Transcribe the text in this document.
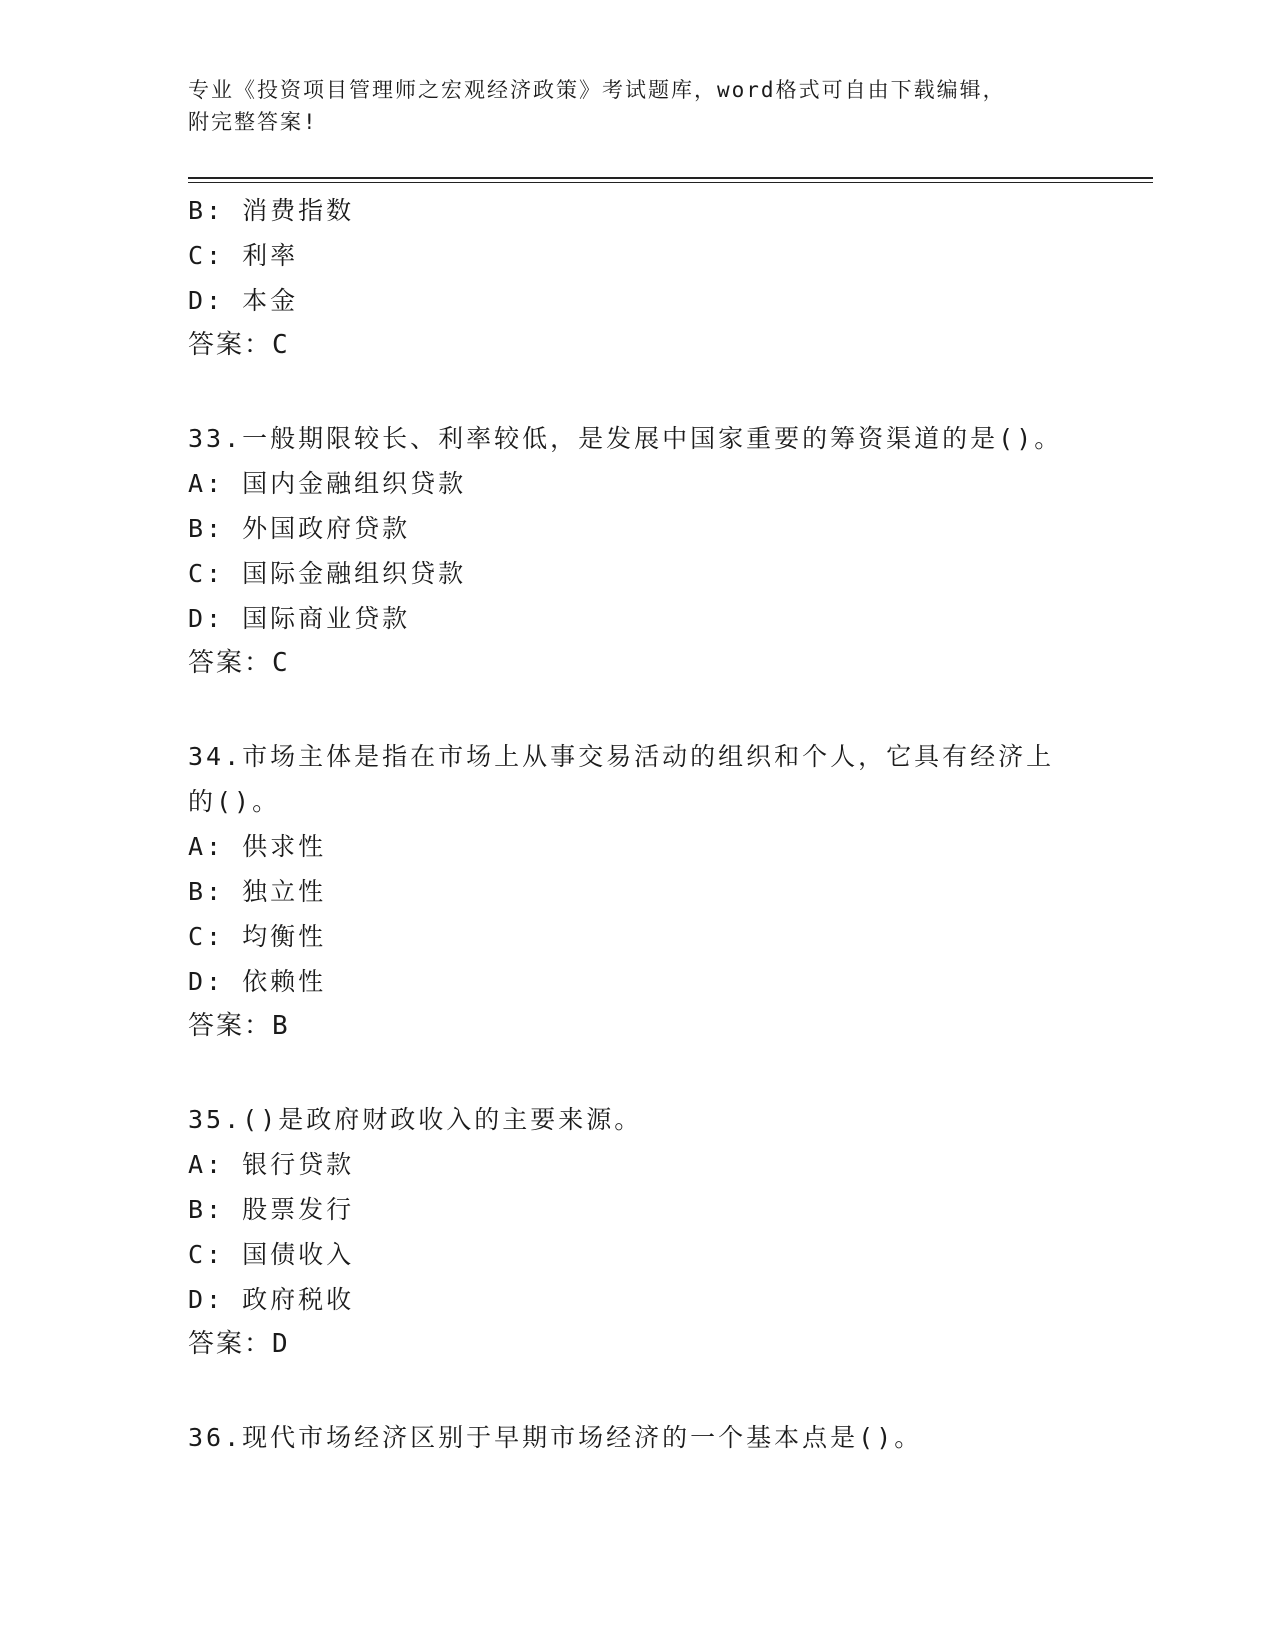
专业《投资项目管理师之宏观经济政策》考试题库，word格式可自由下载编辑，
附完整答案!
B: 消费指数
C: 利率
D: 本金
答案：C
33.一般期限较长、利率较低，是发展中国家重要的筹资渠道的是()。
A: 国内金融组织贷款
B: 外国政府贷款
C: 国际金融组织贷款
D: 国际商业贷款
答案：C
34.市场主体是指在市场上从事交易活动的组织和个人，它具有经济上
的()。
A: 供求性
B: 独立性
C: 均衡性
D: 依赖性
答案：B
35.()是政府财政收入的主要来源。
A: 银行贷款
B: 股票发行
C: 国债收入
D: 政府税收
答案：D
36.现代市场经济区别于早期市场经济的一个基本点是()。
